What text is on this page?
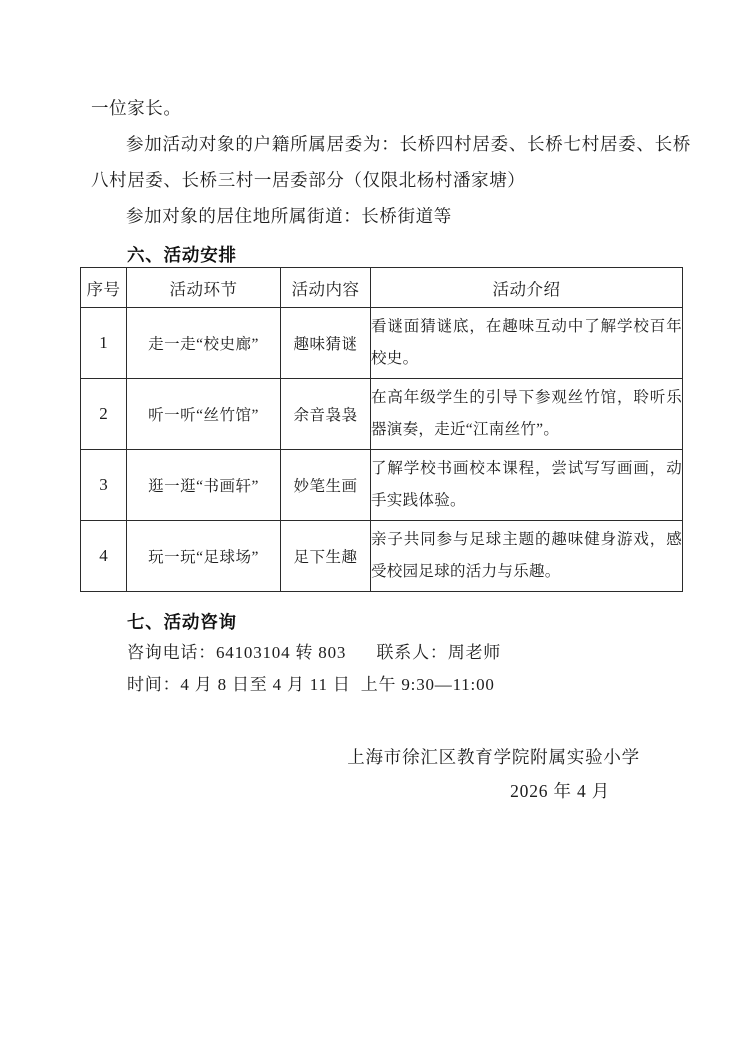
一位家长。

参加活动对象的户籍所属居委为：长桥四村居委、长桥七村居委、长桥八村居委、长桥三村一居委部分（仅限北杨村潘家塘）

参加对象的居住地所属街道：长桥街道等

六、活动安排
序号	活动环节	活动内容	活动介绍
1	走一走“校史廊”	趣味猜谜	看谜面猜谜底，在趣味互动中了解学校百年校史。
2	听一听“丝竹馆”	余音袅袅	在高年级学生的引导下参观丝竹馆，聆听乐器演奏，走近“江南丝竹”。
3	逛一逛“书画轩”	妙笔生画	了解学校书画校本课程，尝试写写画画，动手实践体验。
4	玩一玩“足球场”	足下生趣	亲子共同参与足球主题的趣味健身游戏，感受校园足球的活力与乐趣。
七、活动咨询
咨询电话：64103104 转 803      联系人：周老师
时间：4 月 8 日至 4 月 11 日  上午 9:30—11:00
上海市徐汇区教育学院附属实验小学
2026 年 4 月
